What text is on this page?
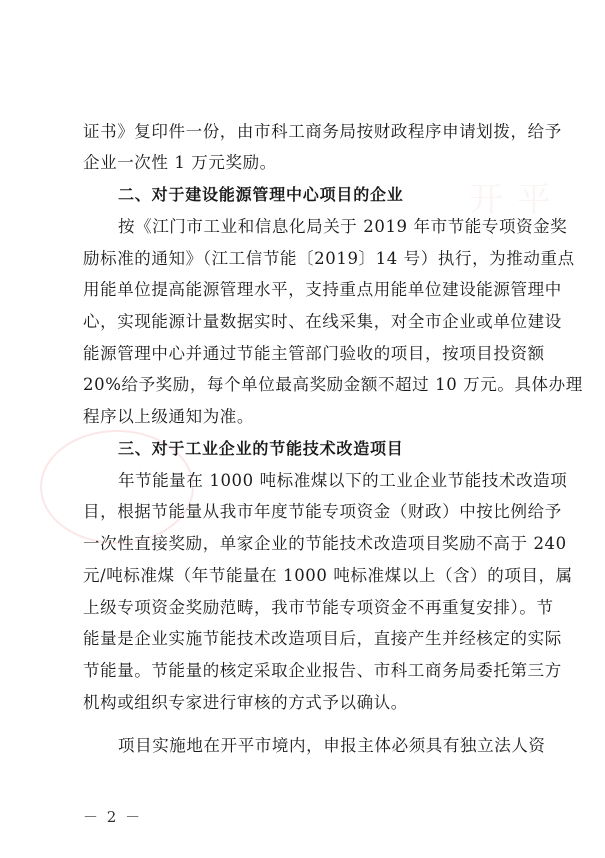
开平
证书》复印件一份，由市科工商务局按财政程序申请划拨，给予
企业一次性 1 万元奖励。
二、对于建设能源管理中心项目的企业
按《江门市工业和信息化局关于 2019 年市节能专项资金奖
励标准的通知》（江工信节能〔2019〕14 号）执行，为推动重点
用能单位提高能源管理水平，支持重点用能单位建设能源管理中
心，实现能源计量数据实时、在线采集，对全市企业或单位建设
能源管理中心并通过节能主管部门验收的项目，按项目投资额
20%给予奖励，每个单位最高奖励金额不超过 10 万元。具体办理
程序以上级通知为准。
三、对于工业企业的节能技术改造项目
年节能量在 1000 吨标准煤以下的工业企业节能技术改造项
目，根据节能量从我市年度节能专项资金（财政）中按比例给予
一次性直接奖励，单家企业的节能技术改造项目奖励不高于 240
元/吨标准煤（年节能量在 1000 吨标准煤以上（含）的项目，属
上级专项资金奖励范畴，我市节能专项资金不再重复安排）。节
能量是企业实施节能技术改造项目后，直接产生并经核定的实际
节能量。节能量的核定采取企业报告、市科工商务局委托第三方
机构或组织专家进行审核的方式予以确认。
项目实施地在开平市境内，申报主体必须具有独立法人资
－ 2 －
